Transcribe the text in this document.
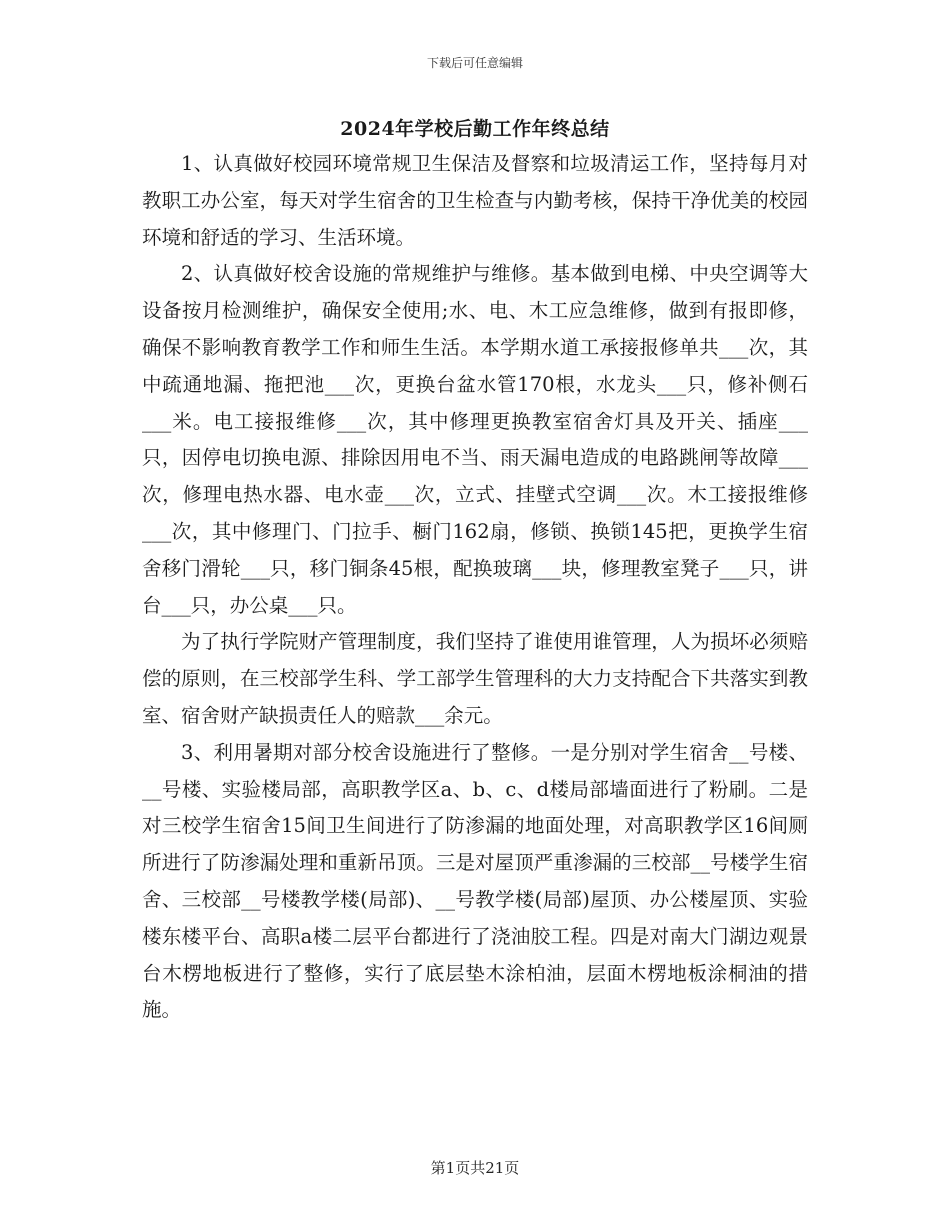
下载后可任意编辑
2024年学校后勤工作年终总结

1、认真做好校园环境常规卫生保洁及督察和垃圾清运工作，坚持每月对教职工办公室，每天对学生宿舍的卫生检查与内勤考核，保持干净优美的校园环境和舒适的学习、生活环境。

2、认真做好校舍设施的常规维护与维修。基本做到电梯、中央空调等大设备按月检测维护，确保安全使用;水、电、木工应急维修，做到有报即修，确保不影响教育教学工作和师生生活。本学期水道工承接报修单共___次，其中疏通地漏、拖把池___次，更换台盆水管170根，水龙头___只，修补侧石___米。电工接报维修___次，其中修理更换教室宿舍灯具及开关、插座___只，因停电切换电源、排除因用电不当、雨天漏电造成的电路跳闸等故障___次，修理电热水器、电水壶___次，立式、挂壁式空调___次。木工接报维修___次，其中修理门、门拉手、橱门162扇，修锁、换锁145把，更换学生宿舍移门滑轮___只，移门铜条45根，配换玻璃___块，修理教室凳子___只，讲台___只，办公桌___只。

为了执行学院财产管理制度，我们坚持了谁使用谁管理，人为损坏必须赔偿的原则，在三校部学生科、学工部学生管理科的大力支持配合下共落实到教室、宿舍财产缺损责任人的赔款___余元。

3、利用暑期对部分校舍设施进行了整修。一是分别对学生宿舍__号楼、__号楼、实验楼局部，高职教学区a、b、c、d楼局部墙面进行了粉刷。二是对三校学生宿舍15间卫生间进行了防渗漏的地面处理，对高职教学区16间厕所进行了防渗漏处理和重新吊顶。三是对屋顶严重渗漏的三校部__号楼学生宿舍、三校部__号楼教学楼(局部)、__号教学楼(局部)屋顶、办公楼屋顶、实验楼东楼平台、高职a楼二层平台都进行了浇油胶工程。四是对南大门湖边观景台木楞地板进行了整修，实行了底层垫木涂柏油，层面木楞地板涂桐油的措施。

第1页共21页
